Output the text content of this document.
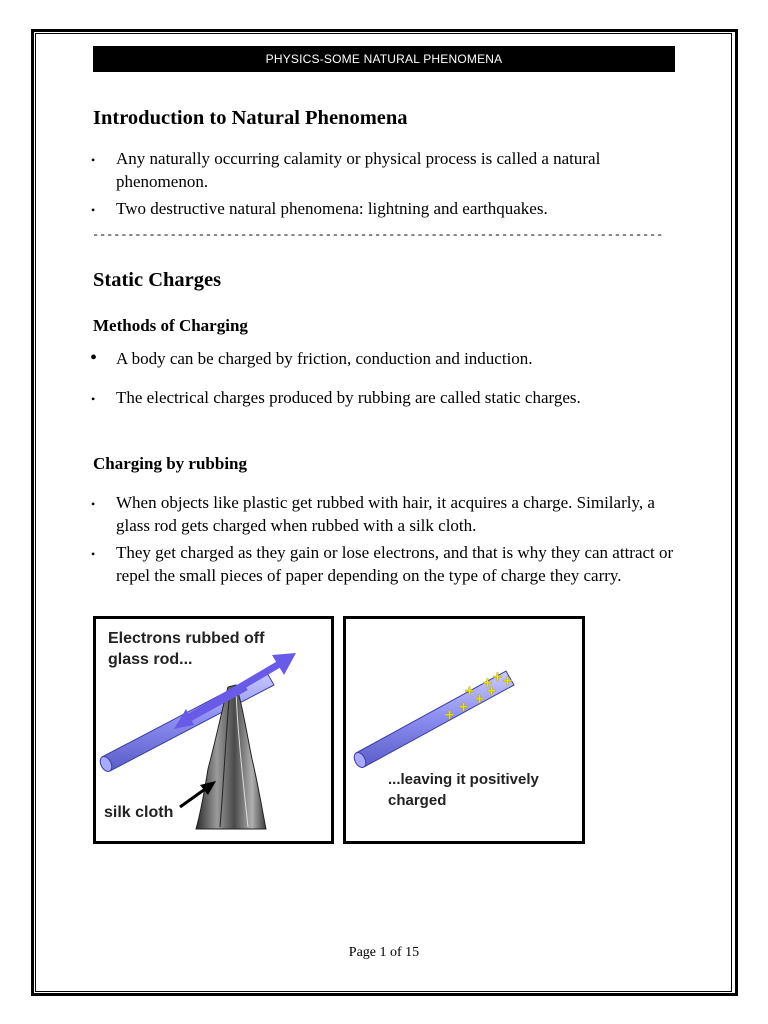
PHYSICS-SOME NATURAL PHENOMENA
Introduction to Natural Phenomena
• Any naturally occurring calamity or physical process is called a natural phenomenon.
• Two destructive natural phenomena: lightning and earthquakes.
---------------------------------------------------------------------------------
Static Charges
Methods of Charging
• A body can be charged by friction, conduction and induction.
• The electrical charges produced by rubbing are called static charges.
Charging by rubbing
• When objects like plastic get rubbed with hair, it acquires a charge. Similarly, a glass rod gets charged when rubbed with a silk cloth.
• They get charged as they gain or lose electrons, and that is why they can attract or repel the small pieces of paper depending on the type of charge they carry.
Electrons rubbed off
glass rod...
silk cloth
+
+
+
+
+ + +
+
...leaving it positively
charged
Page 1 of 15
